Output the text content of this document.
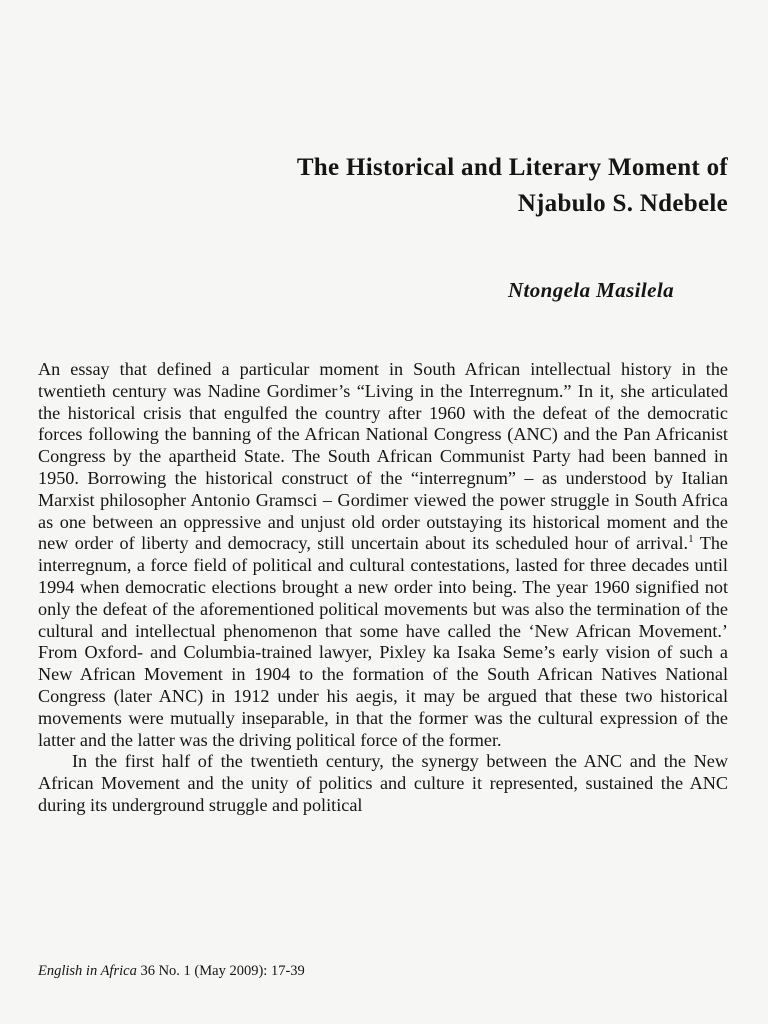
The Historical and Literary Moment of
Njabulo S. Ndebele

Ntongela Masilela

An essay that defined a particular moment in South African intellectual history in the twentieth century was Nadine Gordimer’s “Living in the Interregnum.” In it, she articulated the historical crisis that engulfed the country after 1960 with the defeat of the democratic forces following the banning of the African National Congress (ANC) and the Pan Africanist Congress by the apartheid State. The South African Communist Party had been banned in 1950. Borrowing the historical construct of the “interregnum” – as understood by Italian Marxist philosopher Antonio Gramsci – Gordimer viewed the power struggle in South Africa as one between an oppressive and unjust old order outstaying its historical moment and the new order of liberty and democracy, still uncertain about its scheduled hour of arrival.$^1$ The interregnum, a force field of political and cultural contestations, lasted for three decades until 1994 when democratic elections brought a new order into being. The year 1960 signified not only the defeat of the aforementioned political movements but was also the termination of the cultural and intellectual phenomenon that some have called the ‘New African Movement.’ From Oxford- and Columbia-trained lawyer, Pixley ka Isaka Seme’s early vision of such a New African Movement in 1904 to the formation of the South African Natives National Congress (later ANC) in 1912 under his aegis, it may be argued that these two historical movements were mutually inseparable, in that the former was the cultural expression of the latter and the latter was the driving political force of the former.

In the first half of the twentieth century, the synergy between the ANC and the New African Movement and the unity of politics and culture it represented, sustained the ANC during its underground struggle and political

English in Africa 36 No. 1 (May 2009): 17-39
